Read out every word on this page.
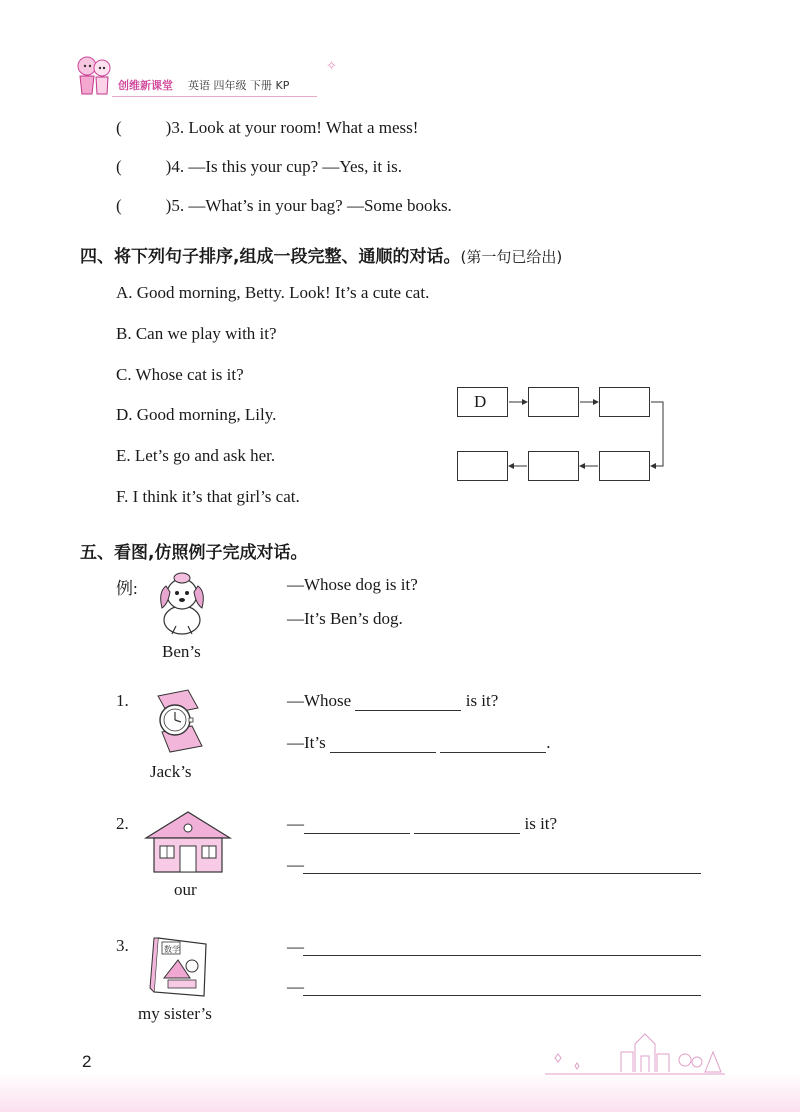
创维新课堂 英语 四年级 下册 KP
✧
(	)3. Look at your room! What a mess!
(	)4. —Is this your cup? —Yes, it is.
(	)5. —What’s in your bag? —Some books.
四、将下列句子排序,组成一段完整、通顺的对话。(第一句已给出)
A. Good morning, Betty. Look! It’s a cute cat.
B. Can we play with it?
C. Whose cat is it?
D. Good morning, Lily.
E. Let’s go and ask her.
F. I think it’s that girl’s cat.
D
五、看图,仿照例子完成对话。
例:
Ben’s
—Whose dog is it?
—It’s Ben’s dog.
1.
Jack’s
—Whose	is it?
—It’s	.
2.
our
—	is it?
—
3.	数学
my sister’s
—
—
2
